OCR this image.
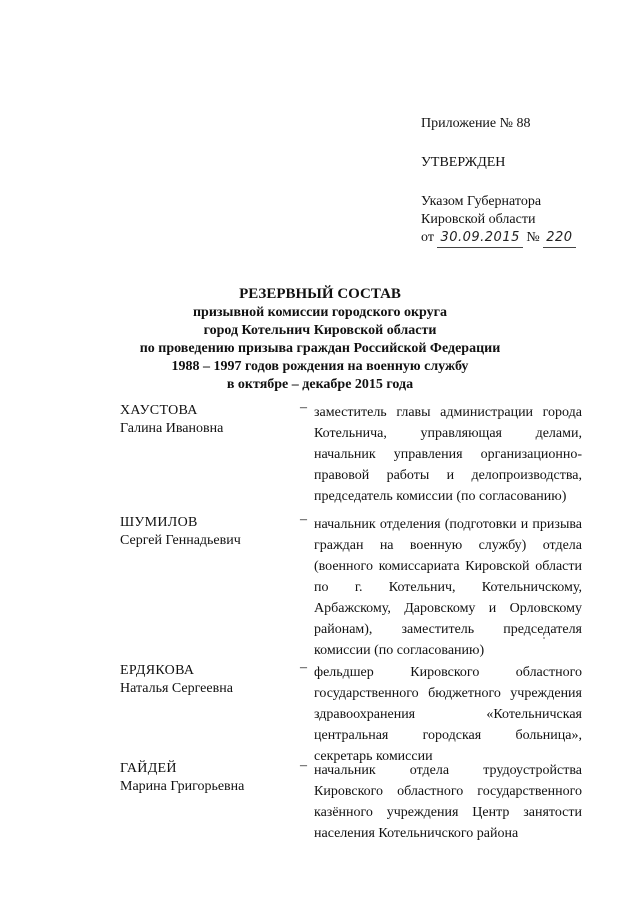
Приложение № 88
УТВЕРЖДЕН
Указом Губернатора
Кировской области
от 30.09.2015 № 220
РЕЗЕРВНЫЙ СОСТАВ
призывной комиссии городского округа
город Котельнич Кировской области
по проведению призыва граждан Российской Федерации
1988 – 1997 годов рождения на военную службу
в октябре – декабре 2015 года
ХАУСТОВА
Галина Ивановна
– заместитель главы администрации города Котельнича, управляющая делами, начальник управления организационно-правовой работы и делопроизводства, председатель комиссии (по согласованию)
ШУМИЛОВ
Сергей Геннадьевич
– начальник отделения (подготовки и призыва граждан на военную службу) отдела (военного комиссариата Кировской области по г. Котельнич, Котельничскому, Арбажскому, Даровскому и Орловскому районам), заместитель председателя комиссии (по согласованию)
ЕРДЯКОВА
Наталья Сергеевна
– фельдшер Кировского областного государственного бюджетного учреждения здравоохранения «Котельничская центральная городская больница», секретарь комиссии
ГАЙДЕЙ
Марина Григорьевна
– начальник отдела трудоустройства Кировского областного государственного казённого учреждения Центр занятости населения Котельничского района
